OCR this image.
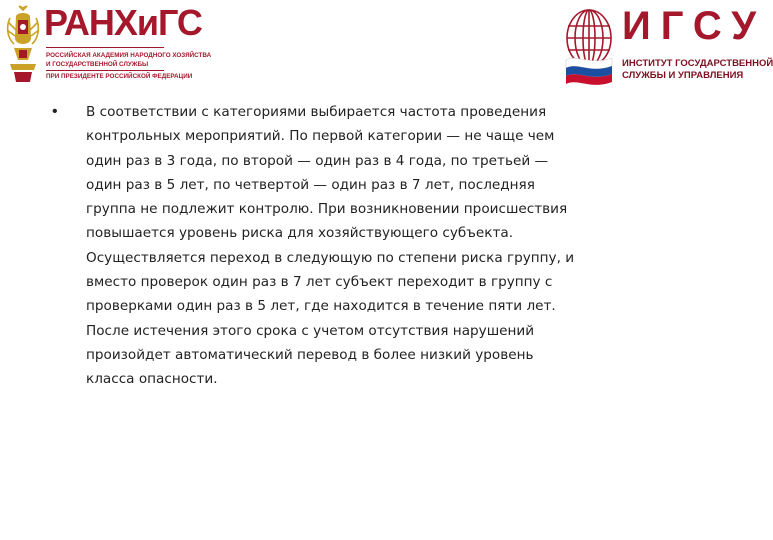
РАНХиГС
РОССИЙСКАЯ АКАДЕМИЯ НАРОДНОГО ХОЗЯЙСТВА
И ГОСУДАРСТВЕННОЙ СЛУЖБЫ
ПРИ ПРЕЗИДЕНТЕ РОССИЙСКОЙ ФЕДЕРАЦИИ
ИГСУ
ИНСТИТУТ ГОСУДАРСТВЕННОЙ
СЛУЖБЫ И УПРАВЛЕНИЯ
• В соответствии с категориями выбирается частота проведения
контрольных мероприятий. По первой категории — не чаще чем
один раз в 3 года, по второй — один раз в 4 года, по третьей —
один раз в 5 лет, по четвертой — один раз в 7 лет, последняя
группа не подлежит контролю. При возникновении происшествия
повышается уровень риска для хозяйствующего субъекта.
Осуществляется переход в следующую по степени риска группу, и
вместо проверок один раз в 7 лет субъект переходит в группу с
проверками один раз в 5 лет, где находится в течение пяти лет.
После истечения этого срока с учетом отсутствия нарушений
произойдет автоматический перевод в более низкий уровень
класса опасности.
